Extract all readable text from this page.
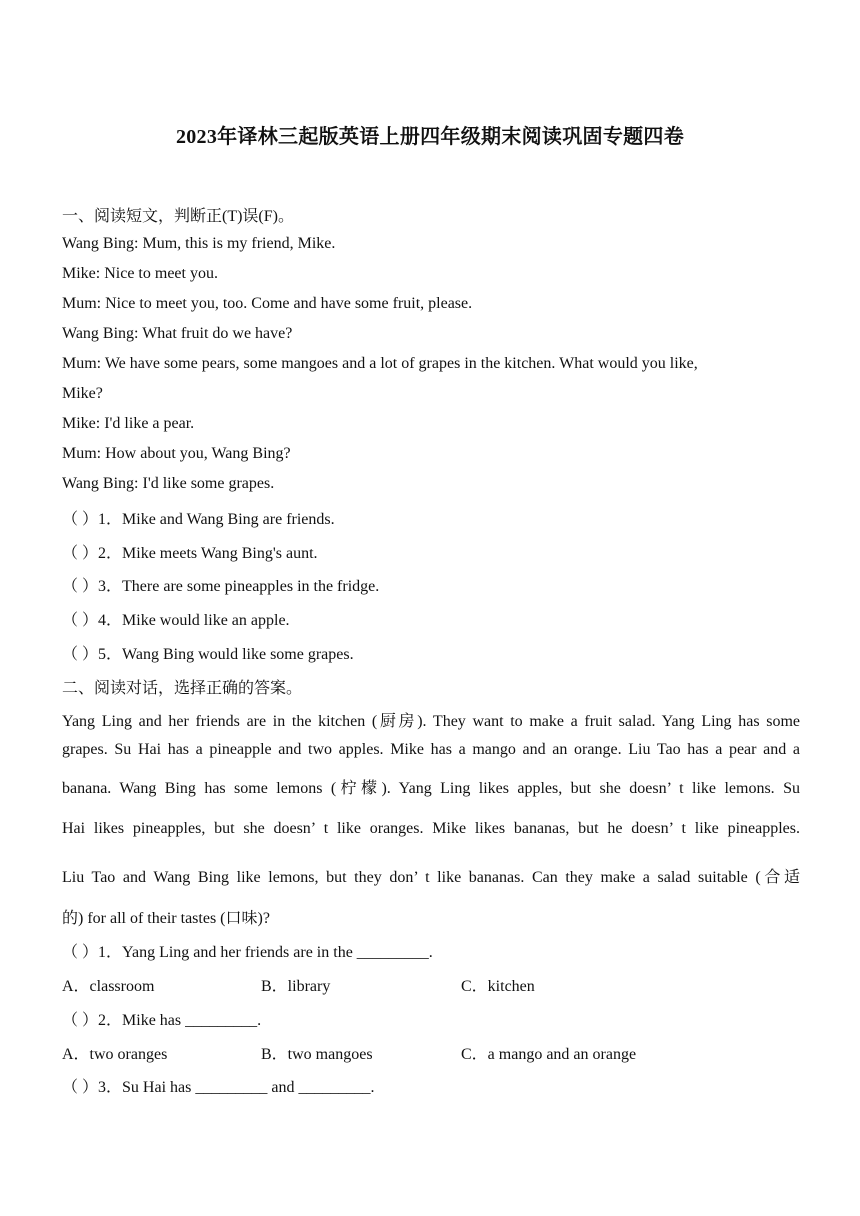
2023年译林三起版英语上册四年级期末阅读巩固专题四卷
一、阅读短文，判断正(T)误(F)。
Wang Bing: Mum, this is my friend, Mike.
Mike: Nice to meet you.
Mum: Nice to meet you, too. Come and have some fruit, please.
Wang Bing: What fruit do we have?
Mum: We have some pears, some mangoes and a lot of grapes in the kitchen. What would you like,
Mike?
Mike: I'd like a pear.
Mum: How about you, Wang Bing?
Wang Bing: I'd like some grapes.
（ ）1．Mike and Wang Bing are friends.
（ ）2．Mike meets Wang Bing's aunt.
（ ）3．There are some pineapples in the fridge.
（ ）4．Mike would like an apple.
（ ）5．Wang Bing would like some grapes.
二、阅读对话，选择正确的答案。
Yang Ling and her friends are in the kitchen (厨房). They want to make a fruit salad. Yang Ling has some
grapes. Su Hai has a pineapple and two apples. Mike has a mango and an orange. Liu Tao has a pear and a
banana. Wang Bing has some lemons (柠檬). Yang Ling likes apples, but she doesn’ t like lemons. Su
Hai likes pineapples, but she doesn’ t like oranges. Mike likes bananas, but he doesn’ t like pineapples.
Liu Tao and Wang Bing like lemons, but they don’ t like bananas. Can they make a salad suitable (合适
的) for all of their tastes (口味)?
（ ）1．Yang Ling and her friends are in the _________.
A．classroom	B．library	C．kitchen
（ ）2．Mike has _________.
A．two oranges	B．two mangoes	C．a mango and an orange
（ ）3．Su Hai has _________ and _________.
